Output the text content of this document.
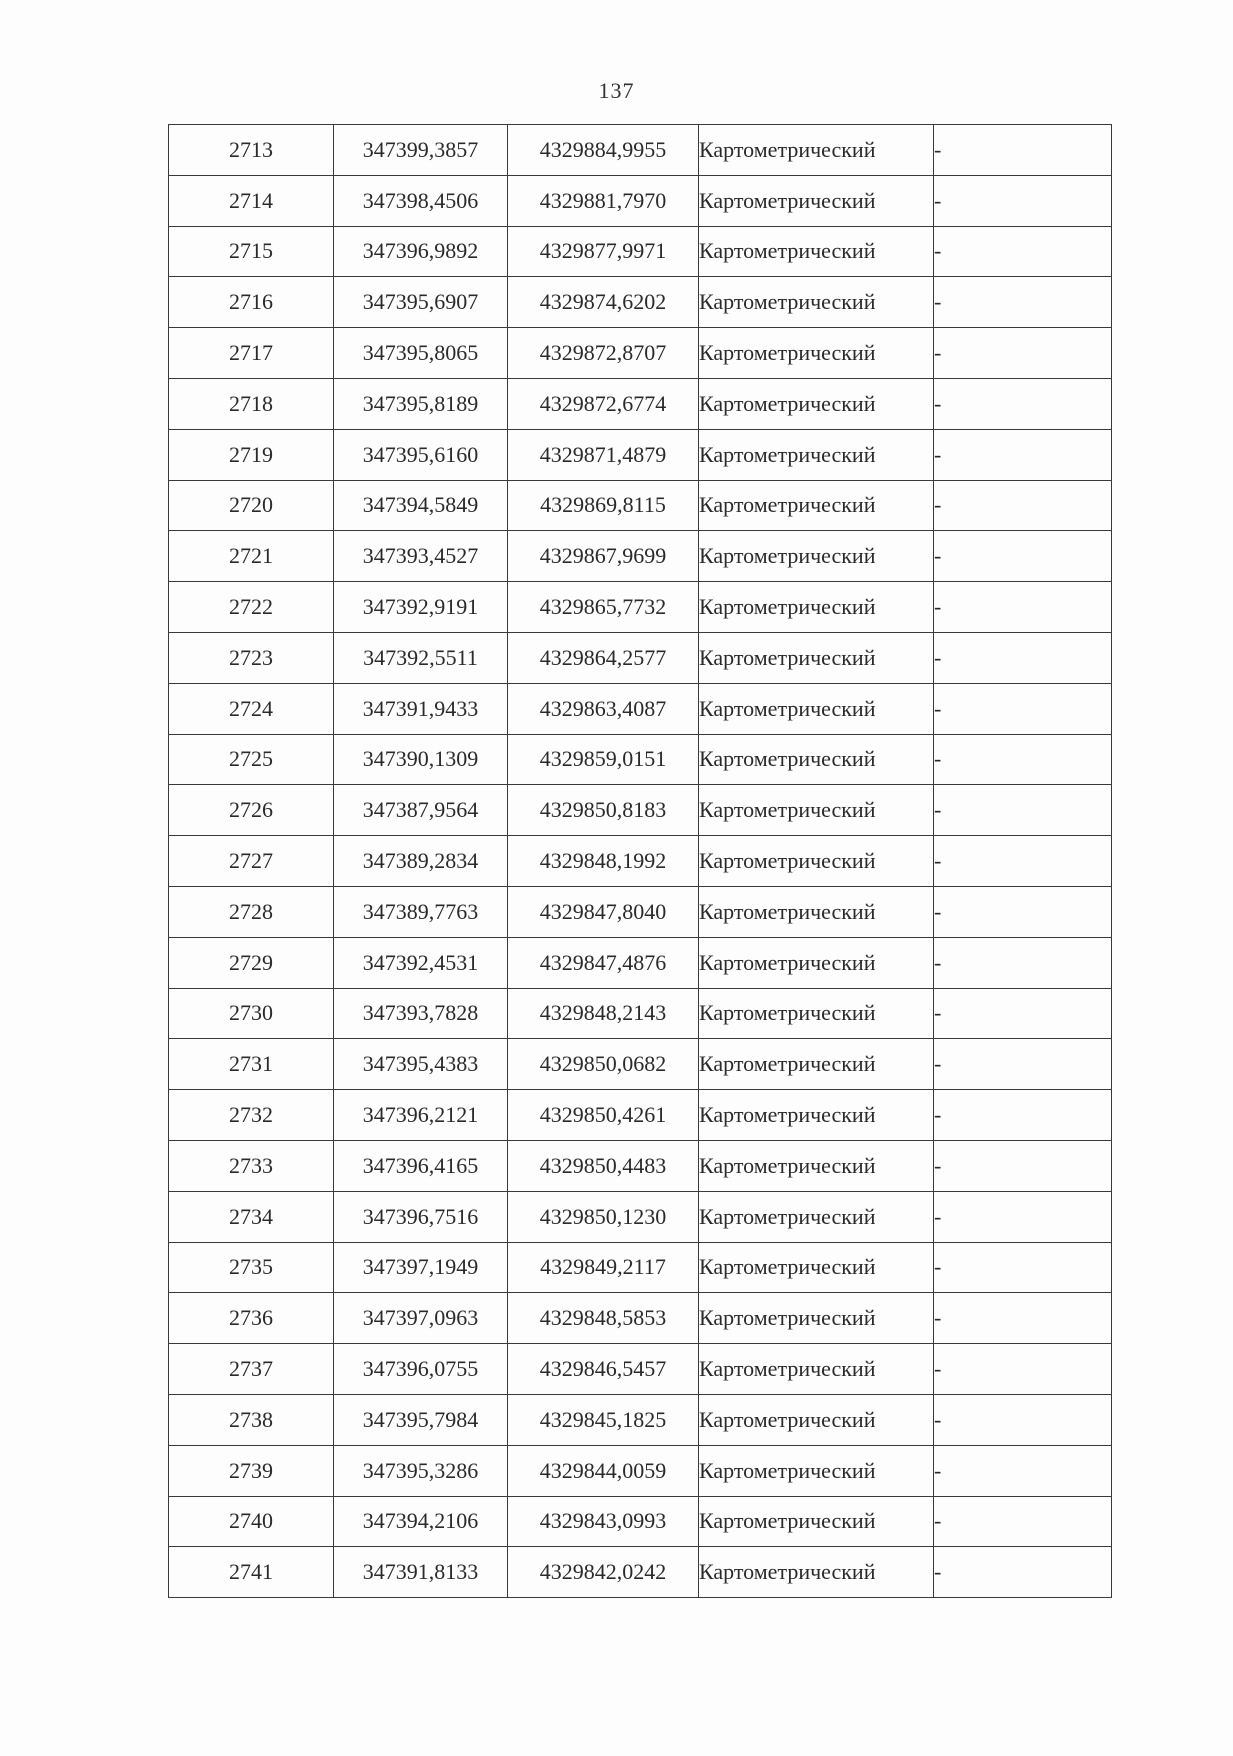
137
2713	347399,3857	4329884,9955	Картометрический	-
2714	347398,4506	4329881,7970	Картометрический	-
2715	347396,9892	4329877,9971	Картометрический	-
2716	347395,6907	4329874,6202	Картометрический	-
2717	347395,8065	4329872,8707	Картометрический	-
2718	347395,8189	4329872,6774	Картометрический	-
2719	347395,6160	4329871,4879	Картометрический	-
2720	347394,5849	4329869,8115	Картометрический	-
2721	347393,4527	4329867,9699	Картометрический	-
2722	347392,9191	4329865,7732	Картометрический	-
2723	347392,5511	4329864,2577	Картометрический	-
2724	347391,9433	4329863,4087	Картометрический	-
2725	347390,1309	4329859,0151	Картометрический	-
2726	347387,9564	4329850,8183	Картометрический	-
2727	347389,2834	4329848,1992	Картометрический	-
2728	347389,7763	4329847,8040	Картометрический	-
2729	347392,4531	4329847,4876	Картометрический	-
2730	347393,7828	4329848,2143	Картометрический	-
2731	347395,4383	4329850,0682	Картометрический	-
2732	347396,2121	4329850,4261	Картометрический	-
2733	347396,4165	4329850,4483	Картометрический	-
2734	347396,7516	4329850,1230	Картометрический	-
2735	347397,1949	4329849,2117	Картометрический	-
2736	347397,0963	4329848,5853	Картометрический	-
2737	347396,0755	4329846,5457	Картометрический	-
2738	347395,7984	4329845,1825	Картометрический	-
2739	347395,3286	4329844,0059	Картометрический	-
2740	347394,2106	4329843,0993	Картометрический	-
2741	347391,8133	4329842,0242	Картометрический	-
